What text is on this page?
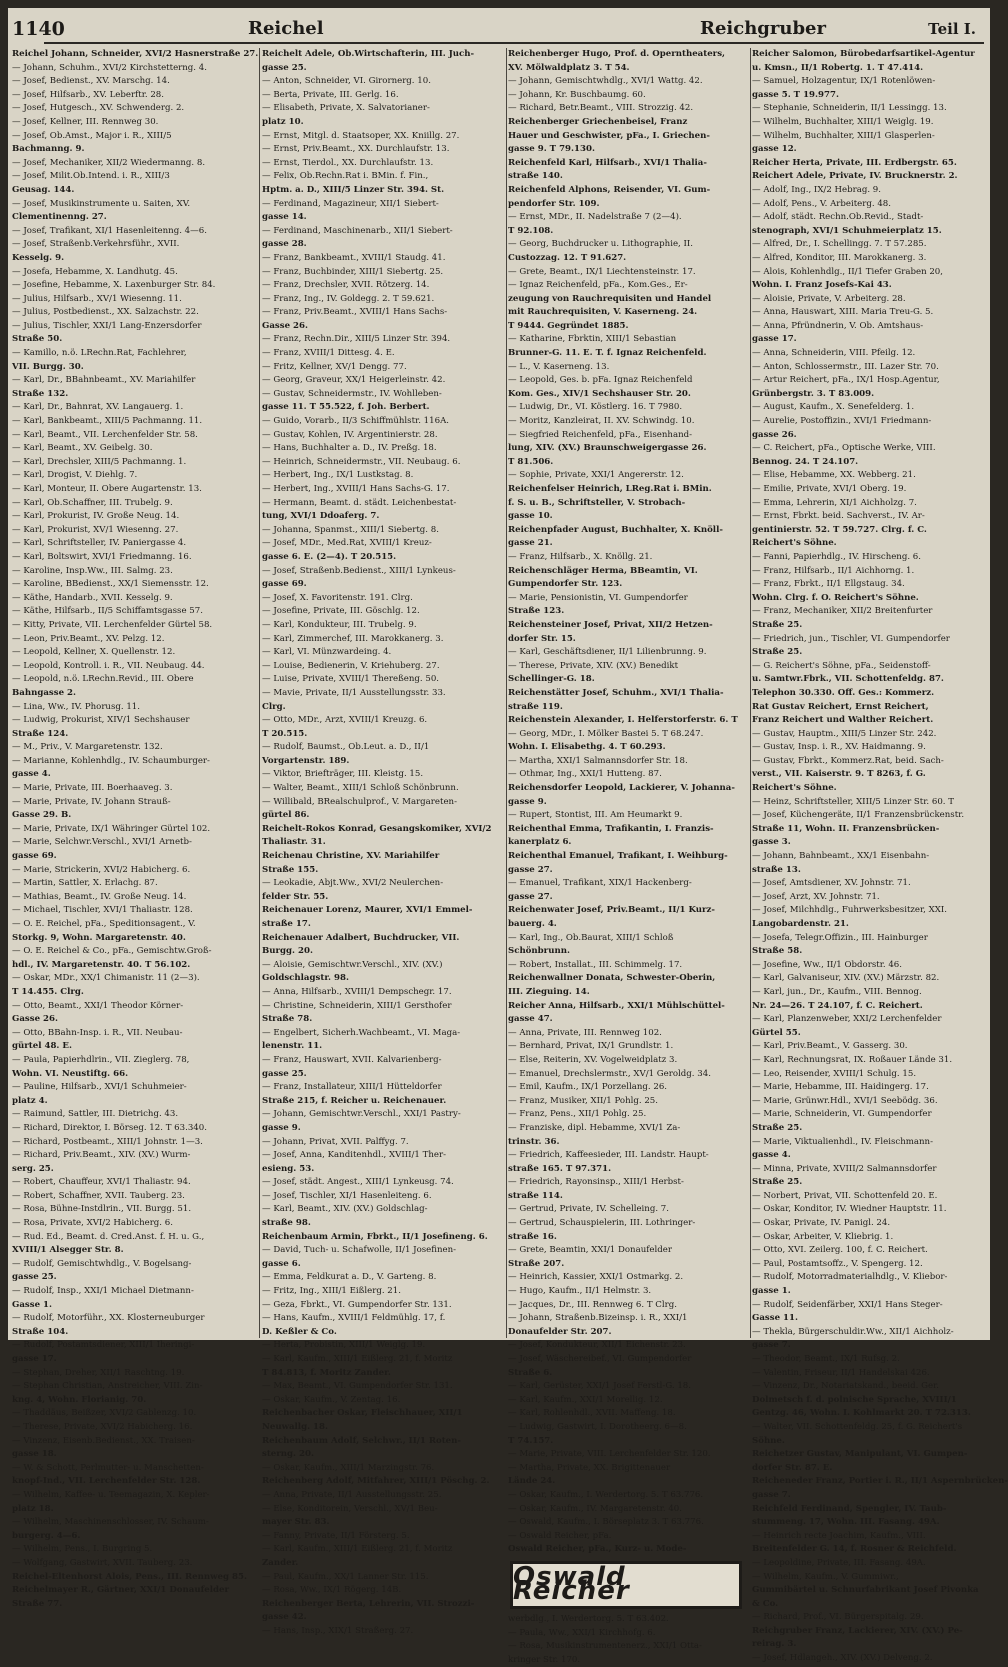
1140	Reichel	Reichgruber	Teil I.
Reichel Johann, Schneider, XVI/2 Hasnerstraße 27.
— Johann, Schuhm., XVI/2 Kirchstetterng. 4.
— Josef, Bedienst., XV. Marschg. 14.
— Josef, Hilfsarb., XV. Leberftr. 28.
— Josef, Hutgesch., XV. Schwenderg. 2.
— Josef, Kellner, III. Rennweg 30.
— Josef, Ob.Amst., Major i. R., XIII/5
Bachmanng. 9.
— Josef, Mechaniker, XII/2 Wiedermanng. 8.
— Josef, Milit.Ob.Intend. i. R., XIII/3
Geusag. 144.
— Josef, Musikinstrumente u. Saiten, XV.
Clementinenng. 27.
— Josef, Trafikant, XI/1 Hasenleitenng. 4—6.
— Josef, Straßenb.Verkehrsführ., XVII.
Kesselg. 9.
— Josefa, Hebamme, X. Landhutg. 45.
— Josefine, Hebamme, X. Laxenburger Str. 84.
— Julius, Hilfsarb., XV/1 Wiesenng. 11.
— Julius, Postbedienst., XX. Salzachstr. 22.
— Julius, Tischler, XXI/1 Lang-Enzersdorfer
Straße 50.
— Kamillo, n.ö. LRechn.Rat, Fachlehrer,
VII. Burgg. 30.
— Karl, Dr., BBahnbeamt., XV. Mariahilfer
Straße 132.
— Karl, Dr., Bahnrat, XV. Langauerg. 1.
— Karl, Bankbeamt., XIII/5 Pachmanng. 11.
— Karl, Beamt., VII. Lerchenfelder Str. 58.
— Karl, Beamt., XV. Geibelg. 30.
— Karl, Drechsler, XIII/5 Pachmanng. 1.
— Karl, Drogist, V. Diehlg. 7.
— Karl, Monteur, II. Obere Augartenstr. 13.
— Karl, Ob.Schaffner, III. Trubelg. 9.
— Karl, Prokurist, IV. Große Neug. 14.
— Karl, Prokurist, XV/1 Wiesenng. 27.
— Karl, Schriftsteller, IV. Paniergasse 4.
— Karl, Boltswirt, XVI/1 Friedmanng. 16.
— Karoline, Insp.Ww., III. Salmg. 23.
— Karoline, BBedienst., XX/1 Siemensstr. 12.
— Käthe, Handarb., XVII. Kesselg. 9.
— Käthe, Hilfsarb., II/5 Schiffamtsgasse 57.
— Kitty, Private, VII. Lerchenfelder Gürtel 58.
— Leon, Priv.Beamt., XV. Pelzg. 12.
— Leopold, Kellner, X. Quellenstr. 12.
— Leopold, Kontroll. i. R., VII. Neubaug. 44.
— Leopold, n.ö. LRechn.Revid., III. Obere
Bahngasse 2.
— Lina, Ww., IV. Phorusg. 11.
— Ludwig, Prokurist, XIV/1 Sechshauser
Straße 124.
— M., Priv., V. Margaretenstr. 132.
— Marianne, Kohlenhdlg., IV. Schaumburger-
gasse 4.
— Marie, Private, III. Boerhaaveg. 3.
— Marie, Private, IV. Johann Strauß-
Gasse 29. B.
— Marie, Private, IX/1 Währinger Gürtel 102.
— Marie, Selchwr.Verschl., XVI/1 Arnetb-
gasse 69.
— Marie, Strickerin, XVI/2 Habicherg. 6.
— Martin, Sattler, X. Erlachg. 87.
— Mathias, Beamt., IV. Große Neug. 14.
— Michael, Tischler, XVI/1 Thaliastr. 128.
— O. E. Reichel, pFa., Speditionsagent., V.
Storkg. 9, Wohn. Margaretenstr. 40.
— O. E. Reichel & Co., pFa., Gemischtw.Groß-
hdl., IV. Margaretenstr. 40. T 56.102.
— Oskar, MDr., XX/1 Chimanistr. 11 (2—3).
T 14.455. Clrg.
— Otto, Beamt., XXI/1 Theodor Körner-
Gasse 26.
— Otto, BBahn-Insp. i. R., VII. Neubau-
gürtel 48. E.
— Paula, Papierhdlrin., VII. Zieglerg. 78,
Wohn. VI. Neustiftg. 66.
— Pauline, Hilfsarb., XVI/1 Schuhmeier-
platz 4.
— Raimund, Sattler, III. Dietrichg. 43.
— Richard, Direktor, I. Börseg. 12. T 63.340.
— Richard, Postbeamt., XIII/1 Johnstr. 1—3.
— Richard, Priv.Beamt., XIV. (XV.) Wurm-
serg. 25.
— Robert, Chauffeur, XVI/1 Thaliastr. 94.
— Robert, Schaffner, XVII. Tauberg. 23.
— Rosa, Bühne-Instdlrin., VII. Burgg. 51.
— Rosa, Private, XVI/2 Habicherg. 6.
— Rud. Ed., Beamt. d. Cred.Anst. f. H. u. G.,
XVIII/1 Alsegger Str. 8.
— Rudolf, Gemischtwhdlg., V. Bogelsang-
gasse 25.
— Rudolf, Insp., XXI/1 Michael Dietmann-
Gasse 1.
— Rudolf, Motorführ., XX. Klosterneuburger
Straße 104.
— Rudolf, Postamtsdiener, XIII/1 Iheringi-
gasse 17.
— Stephan, Dreher, XII/1 Raschtng. 19.
— Stephan Christian, Anstreicher, VIII. Zin-
kng. 4, Wohn. Florianig. 70.
— Thaddäus, Beißzer, XVI/2 Gablenzg. 10.
— Therese, Private, XVI/2 Habicherg. 16.
— Vinzenz, Eisenb.Bedienst., XX. Traisen-
gasse 18.
— W. & Schott, Perlmutter- u. Manschetten-
knopf-Ind., VII. Lerchenfelder Str. 128.
— Wilhelm, Kaffee- u. Teemagazin, X. Kepler-
platz 18.
— Wilhelm, Maschinenschlosser, IV. Schaum-
burgerg. 4—6.
— Wilhelm, Pens., I. Burgring 5.
— Wolfgang, Gastwirt, XVII. Tauberg. 23.
Reichel-Eltenhorst Alois, Pens., III. Rennweg 85.
Reichelmayer R., Gärtner, XXI/1 Donaufelder
Straße 77.
Reichelt Adele, Ob.Wirtschafterin, III. Juch-
gasse 25.
— Anton, Schneider, VI. Girornerg. 10.
— Berta, Private, III. Gerlg. 16.
— Elisabeth, Private, X. Salvatorianer-
platz 10.
— Ernst, Mitgl. d. Staatsoper, XX. Kniillg. 27.
— Ernst, Priv.Beamt., XX. Durchlaufstr. 13.
— Ernst, Tierdol., XX. Durchlaufstr. 13.
— Felix, Ob.Rechn.Rat i. BMin. f. Fin.,
Hptm. a. D., XIII/5 Linzer Str. 394. St.
— Ferdinand, Magazineur, XII/1 Siebert-
gasse 14.
— Ferdinand, Maschinenarb., XII/1 Siebert-
gasse 28.
— Franz, Bankbeamt., XVIII/1 Staudg. 41.
— Franz, Buchbinder, XIII/1 Siebertg. 25.
— Franz, Drechsler, XVII. Rötzerg. 14.
— Franz, Ing., IV. Goldegg. 2. T 59.621.
— Franz, Priv.Beamt., XVIII/1 Hans Sachs-
Gasse 26.
— Franz, Rechn.Dir., XIII/5 Linzer Str. 394.
— Franz, XVIII/1 Dittesg. 4. E.
— Fritz, Kellner, XV/1 Dengg. 77.
— Georg, Graveur, XX/1 Heigerleinstr. 42.
— Gustav, Schneidermstr., IV. Wohlleben-
gasse 11. T 55.522, f. Joh. Berbert.
— Guido, Vorarb., II/3 Schiffmühlstr. 116A.
— Gustav, Kohlen, IV. Argentinierstr. 28.
— Hans, Buchhalter a. D., IV. Preßg. 18.
— Heinrich, Schneidermstr., VII. Neubaug. 6.
— Herbert, Ing., IX/1 Lustkstag. 8.
— Herbert, Ing., XVIII/1 Hans Sachs-G. 17.
— Hermann, Beamt. d. städt. Leichenbestat-
tung, XVI/1 Ddoaferg. 7.
— Johanna, Spanmst., XIII/1 Siebertg. 8.
— Josef, MDr., Med.Rat, XVIII/1 Kreuz-
gasse 6. E. (2—4). T 20.515.
— Josef, Straßenb.Bedienst., XIII/1 Lynkeus-
gasse 69.
— Josef, X. Favoritenstr. 191. Clrg.
— Josefine, Private, III. Göschlg. 12.
— Karl, Kondukteur, III. Trubelg. 9.
— Karl, Zimmerchef, III. Marokkanerg. 3.
— Karl, VI. Münzwardeing. 4.
— Louise, Bedienerin, V. Kriehuberg. 27.
— Luise, Private, XVIII/1 Thereßeng. 50.
— Mavie, Private, II/1 Ausstellungsstr. 33.
Clrg.
— Otto, MDr., Arzt, XVIII/1 Kreuzg. 6.
T 20.515.
— Rudolf, Baumst., Ob.Leut. a. D., II/1
Vorgartenstr. 189.
— Viktor, Briefträger, III. Kleistg. 15.
— Walter, Beamt., XIII/1 Schloß Schönbrunn.
— Willibald, BRealschulprof., V. Margareten-
gürtel 86.
Reichelt-Rokos Konrad, Gesangskomiker, XVI/2
Thaliastr. 31.
Reichenau Christine, XV. Mariahilfer
Straße 155.
— Leokadie, Abjt.Ww., XVI/2 Neulerchen-
felder Str. 55.
Reichenauer Lorenz, Maurer, XVI/1 Emmel-
straße 17.
Reichenauer Adalbert, Buchdrucker, VII.
Burgg. 20.
— Aloisie, Gemischtwr.Verschl., XIV. (XV.)
Goldschlagstr. 98.
— Anna, Hilfsarb., XVIII/1 Dempschegr. 17.
— Christine, Schneiderin, XIII/1 Gersthofer
Straße 78.
— Engelbert, Sicherh.Wachbeamt., VI. Maga-
lenenstr. 11.
— Franz, Hauswart, XVII. Kalvarienberg-
gasse 25.
— Franz, Installateur, XIII/1 Hütteldorfer
Straße 215, f. Reicher u. Reichenauer.
— Johann, Gemischtwr.Verschl., XXI/1 Pastry-
gasse 9.
— Johann, Privat, XVII. Palffyg. 7.
— Josef, Anna, Kanditenhdl., XVIII/1 Ther-
esieng. 53.
— Josef, städt. Angest., XIII/1 Lynkeusg. 74.
— Josef, Tischler, XI/1 Hasenleiteng. 6.
— Karl, Beamt., XIV. (XV.) Goldschlag-
straße 98.
Reichenbaum Armin, Fbrkt., II/1 Josefineng. 6.
— David, Tuch- u. Schafwolle, II/1 Josefinen-
gasse 6.
— Emma, Feldkurat a. D., V. Garteng. 8.
— Fritz, Ing., XIII/1 Eißlerg. 21.
— Geza, Fbrkt., VI. Gumpendorfer Str. 131.
— Hans, Kaufm., XVIII/1 Feldmühlg. 17, f.
D. Keßler & Co.
— Herta, Probistin, XIII/1 Weiglg. 19.
— Karl, Kaufm., XIII/1 Eißlerg. 21, f. Moritz
T 84.813, f. Moritz Zander.
— Max, Beamt., VI. Gumpendorfer Str. 131.
— Oskar, Kaufm., V. Zentag. 16.
Reichenbacher Oskar, Fleischhauer, XII/1
Neuwallg. 18.
Reichenbaum Adolf, Selchwr., II/1 Roten-
sterng. 20.
— Oskar, Kaufm., XIII/1 Marzingstr. 76.
Reichenberg Adolf, Mitfahrer, XIII/1 Pöschg. 2.
— Anna, Private, II/1 Ausstellungsstr. 25.
— Else, Konditorein, Verschl., XV/1 Beu-
mayer Str. 83.
— Fanny, Private, II/1 Försterg. 5.
— Karl, Kaufm., XIII/1 Eißlerg. 21, f. Moritz
Zander.
— Paul, Kaufm., XX/1 Lanner Str. 115.
— Rosa, Ww., IX/1 Rögerg. 14B.
Reichenberger Berta, Lehrerin, VII. Strozzi-
gasse 42.
— Hans, Insp., XIX/1 Straßerg. 27.
Reichenberger Hugo, Prof. d. Operntheaters,
XV. Mölwaldplatz 3. T 54.
— Johann, Gemischtwhdlg., XVI/1 Wattg. 42.
— Johann, Kr. Buschbaumg. 60.
— Richard, Betr.Beamt., VIII. Strozzig. 42.
Reichenberger Griechenbeisel, Franz
Hauer und Geschwister, pFa., I. Griechen-
gasse 9. T 79.130.
Reichenfeld Karl, Hilfsarb., XVI/1 Thalia-
straße 140.
Reichenfeld Alphons, Reisender, VI. Gum-
pendorfer Str. 109.
— Ernst, MDr., II. Nadelstraße 7 (2—4).
T 92.108.
— Georg, Buchdrucker u. Lithographie, II.
Custozzag. 12. T 91.627.
— Grete, Beamt., IX/1 Liechtensteinstr. 17.
— Ignaz Reichenfeld, pFa., Kom.Ges., Er-
zeugung von Rauchrequisiten und Handel
mit Rauchrequisiten, V. Kaserneng. 24.
T 9444. Gegründet 1885.
— Katharine, Fbrktin, XIII/1 Sebastian
Brunner-G. 11. E. T. f. Ignaz Reichenfeld.
— L., V. Kaserneng. 13.
— Leopold, Ges. b. pFa. Ignaz Reichenfeld
Kom. Ges., XIV/1 Sechshauser Str. 20.
— Ludwig, Dr., VI. Köstlerg. 16. T 7980.
— Moritz, Kanzleirat, II. XV. Schwindg. 10.
— Siegfried Reichenfeld, pFa., Eisenhand-
lung, XIV. (XV.) Braunschweigergasse 26.
T 81.506.
— Sophie, Private, XXI/1 Angererstr. 12.
Reichenfelser Heinrich, LReg.Rat i. BMin.
f. S. u. B., Schriftsteller, V. Strobach-
gasse 10.
Reichenpfader August, Buchhalter, X. Knöll-
gasse 21.
— Franz, Hilfsarb., X. Knöllg. 21.
Reichenschläger Herma, BBeamtin, VI.
Gumpendorfer Str. 123.
— Marie, Pensionistin, VI. Gumpendorfer
Straße 123.
Reichensteiner Josef, Privat, XII/2 Hetzen-
dorfer Str. 15.
— Karl, Geschäftsdiener, II/1 Lilienbrunng. 9.
— Therese, Private, XIV. (XV.) Benedikt
Schellinger-G. 18.
Reichenstätter Josef, Schuhm., XVI/1 Thalia-
straße 119.
Reichenstein Alexander, I. Helferstorferstr. 6. T
— Georg, MDr., I. Mölker Bastei 5. T 68.247.
Wohn. I. Elisabethg. 4. T 60.293.
— Martha, XXI/1 Salmannsdorfer Str. 18.
— Othmar, Ing., XXI/1 Hutteng. 87.
Reichensdorfer Leopold, Lackierer, V. Johanna-
gasse 9.
— Rupert, Stontist, III. Am Heumarkt 9.
Reichenthal Emma, Trafikantin, I. Franzis-
kanerplatz 6.
Reichenthal Emanuel, Trafikant, I. Weihburg-
gasse 27.
— Emanuel, Trafikant, XIX/1 Hackenberg-
gasse 27.
Reichenwater Josef, Priv.Beamt., II/1 Kurz-
bauerg. 4.
— Karl, Ing., Ob.Baurat, XIII/1 Schloß
Schönbrunn.
— Robert, Installat., III. Schimmelg. 17.
Reichenwallner Donata, Schwester-Oberin,
III. Zieguing. 14.
Reicher Anna, Hilfsarb., XXI/1 Mühlschüttel-
gasse 47.
— Anna, Private, III. Rennweg 102.
— Bernhard, Privat, IX/1 Grundlstr. 1.
— Else, Reiterin, XV. Vogelweidplatz 3.
— Emanuel, Drechslermstr., XV/1 Geroldg. 34.
— Emil, Kaufm., IX/1 Porzellang. 26.
— Franz, Musiker, XII/1 Pohlg. 25.
— Franz, Pens., XII/1 Pohlg. 25.
— Franziske, dipl. Hebamme, XVI/1 Za-
trinstr. 36.
— Friedrich, Kaffeesieder, III. Landstr. Haupt-
straße 165. T 97.371.
— Friedrich, Rayonsinsp., XIII/1 Herbst-
straße 114.
— Gertrud, Private, IV. Schelleing. 7.
— Gertrud, Schauspielerin, III. Lothringer-
straße 16.
— Grete, Beamtin, XXI/1 Donaufelder
Straße 207.
— Heinrich, Kassier, XXI/1 Ostmarkg. 2.
— Hugo, Kaufm., II/1 Helmstr. 3.
— Jacques, Dr., III. Rennweg 6. T Clrg.
— Johann, Straßenb.Bizeinsp. i. R., XXI/1
Donaufelder Str. 207.
— Josef, Kondukteur, XII/1 Eichenstr. 23.
— Josef, Wäschereibef., VI. Gumpendorfer
Straße 6.
— Karl, Gerüster, XXI/1 Josef Ferstl-G. 18.
— Karl, Kaufm., XXI/1 Morellig. 12.
— Karl, Rohlenhdl., XVII. Maffeng. 18.
— Ludwig, Gastwirt, I. Dorotheerg. 6—8.
T 74.157.
— Marie, Private, VIII. Lerchenfelder Str. 120.
— Martha, Private, XX. Brigittenauer
Lände 24.
— Oskar, Kaufm., I. Werdertorg. 5. T 63.776.
— Oskar, Kaufm., IV. Margaretenstr. 40.
— Oswald, Kaufm., I. Börseplatz 3. T 63.776.
— Oswald Reicher, pFa.
Oswald Reicher, pFa., Kurz- u. Mode-
Oswald Reicher
werbdlg., I. Werdertorg. 5. T 63.402.
— Paula, Ww., XXI/1 Kirchhofg. 6.
— Rosa, Musikinstrumentenerz., XXI/1 Otta-
kringer Str. 170.
Reicher Salomon, Bürobedarfsartikel-Agentur
u. Kmsn., II/1 Robertg. 1. T 47.414.
— Samuel, Holzagentur, IX/1 Rotenlöwen-
gasse 5. T 19.977.
— Stephanie, Schneiderin, II/1 Lessingg. 13.
— Wilhelm, Buchhalter, XIII/1 Weiglg. 19.
— Wilhelm, Buchhalter, XIII/1 Glasperlen-
gasse 12.
Reicher Herta, Private, III. Erdbergstr. 65.
Reichert Adele, Private, IV. Brucknerstr. 2.
— Adolf, Ing., IX/2 Hebrag. 9.
— Adolf, Pens., V. Arbeiterg. 48.
— Adolf, städt. Rechn.Ob.Revid., Stadt-
stenograph, XVI/1 Schuhmeierplatz 15.
— Alfred, Dr., I. Schellingg. 7. T 57.285.
— Alfred, Konditor, III. Marokkanerg. 3.
— Alois, Kohlenhdlg., II/1 Tiefer Graben 20,
Wohn. I. Franz Josefs-Kai 43.
— Aloisie, Private, V. Arbeiterg. 28.
— Anna, Hauswart, XIII. Maria Treu-G. 5.
— Anna, Pfründnerin, V. Ob. Amtshaus-
gasse 17.
— Anna, Schneiderin, VIII. Pfeilg. 12.
— Anton, Schlossermstr., III. Lazer Str. 70.
— Artur Reichert, pFa., IX/1 Hosp.Agentur,
Grünbergstr. 3. T 83.009.
— August, Kaufm., X. Senefelderg. 1.
— Aurelie, Postoffizin., XVI/1 Friedmann-
gasse 26.
— C. Reichert, pFa., Optische Werke, VIII.
Bennog. 24. T 24.107.
— Elise, Hebamme, XX. Webberg. 21.
— Emilie, Private, XVI/1 Oberg. 19.
— Emma, Lehrerin, XI/1 Aichholzg. 7.
— Ernst, Fbrkt. beid. Sachverst., IV. Ar-
gentinierstr. 52. T 59.727. Clrg. f. C.
Reichert's Söhne.
— Fanni, Papierhdlg., IV. Hirscheng. 6.
— Franz, Hilfsarb., II/1 Aichhorng. 1.
— Franz, Fbrkt., II/1 Ellgstaug. 34.
Wohn. Clrg. f. O. Reichert's Söhne.
— Franz, Mechaniker, XII/2 Breitenfurter
Straße 25.
— Friedrich, jun., Tischler, VI. Gumpendorfer
Straße 25.
— G. Reichert's Söhne, pFa., Seidenstoff-
u. Samtwr.Fbrk., VII. Schottenfeldg. 87.
Telephon 30.330. Off. Ges.: Kommerz.
Rat Gustav Reichert, Ernst Reichert,
Franz Reichert und Walther Reichert.
— Gustav, Hauptm., XIII/5 Linzer Str. 242.
— Gustav, Insp. i. R., XV. Haidmanng. 9.
— Gustav, Fbrkt., Kommerz.Rat, beid. Sach-
verst., VII. Kaiserstr. 9. T 8263, f. G.
Reichert's Söhne.
— Heinz, Schriftsteller, XIII/5 Linzer Str. 60. T
— Josef, Küchengeräte, II/1 Franzensbrückenstr.
Straße 11, Wohn. II. Franzensbrücken-
gasse 3.
— Johann, Bahnbeamt., XX/1 Eisenbahn-
straße 13.
— Josef, Amtsdiener, XV. Johnstr. 71.
— Josef, Arzt, XV. Johnstr. 71.
— Josef, Milchhdlg., Fuhrwerksbesitzer, XXI.
Langobardenstr. 21.
— Josefa, Telegr.Offizin., III. Hainburger
Straße 58.
— Josefine, Ww., II/1 Obdorstr. 46.
— Karl, Galvaniseur, XIV. (XV.) Märzstr. 82.
— Karl, jun., Dr., Kaufm., VIII. Bennog.
Nr. 24—26. T 24.107, f. C. Reichert.
— Karl, Planzenweber, XXI/2 Lerchenfelder
Gürtel 55.
— Karl, Priv.Beamt., V. Gasserg. 30.
— Karl, Rechnungsrat, IX. Roßauer Lände 31.
— Leo, Reisender, XVIII/1 Schulg. 15.
— Marie, Hebamme, III. Haidingerg. 17.
— Marie, Grünwr.Hdl., XVI/1 Seebödg. 36.
— Marie, Schneiderin, VI. Gumpendorfer
Straße 25.
— Marie, Viktualienhdl., IV. Fleischmann-
gasse 4.
— Minna, Private, XVIII/2 Salmannsdorfer
Straße 25.
— Norbert, Privat, VII. Schottenfeld 20. E.
— Oskar, Konditor, IV. Wiedner Hauptstr. 11.
— Oskar, Private, IV. Panigl. 24.
— Oskar, Arbeiter, V. Kliebrig. 1.
— Otto, XVI. Zeilerg. 100, f. C. Reichert.
— Paul, Postamtsoffz., V. Spengerg. 12.
— Rudolf, Motorradmaterialhdlg., V. Kliebor-
gasse 1.
— Rudolf, Seidenfärber, XXI/1 Hans Steger-
Gasse 11.
— Thekla, Bürgerschuldir.Ww., XII/1 Aichholz-
gasse 7.
— Theodor, Beamt., IX/1 Rufsg. 2.
— Valentin, Friseur, II/1 Handelskai 426.
— Vinzenz, Dr., Notariatskand., beeid. Ger.
Dolmetsch f. d. polnische Sprache, XVIII/1
Gentzg. 46, Wohn. I. Kohlmarkt 20. T 72.313.
— Walter, VII. Schottenfeldg. 25, f. G. Reichert's
Söhne.
Reichetzer Gustav, Manipulant, VI. Gumpen-
dorfer Str. 87. E.
Reicheneder Franz, Portier i. R., II/1 Aspernbrücken-
gasse 7.
Reichfeld Ferdinand, Spengler, IV. Taub-
stummeng. 17, Wohn. III. Fasang. 49A.
— Heinrich recte Joachim, Kaufm., VIII.
Breitenfelder G. 14, f. Rosner & Reichfeld.
— Leopoldine, Private, III. Fasang. 49A.
— Wilhelm, Kaufm., V. Gummiwr.,
Gummibärtel u. Schnurfabrikant Josef Pivonka
& Co.
— Richard, Prof., VI. Bürgerspitalg. 29.
Reichgruber Franz, Lackierer, XIV. (XV.) Pe-
reirag. 3.
— Josef, Hdlangeh., XIV. (XV.) Delveng. 2.
